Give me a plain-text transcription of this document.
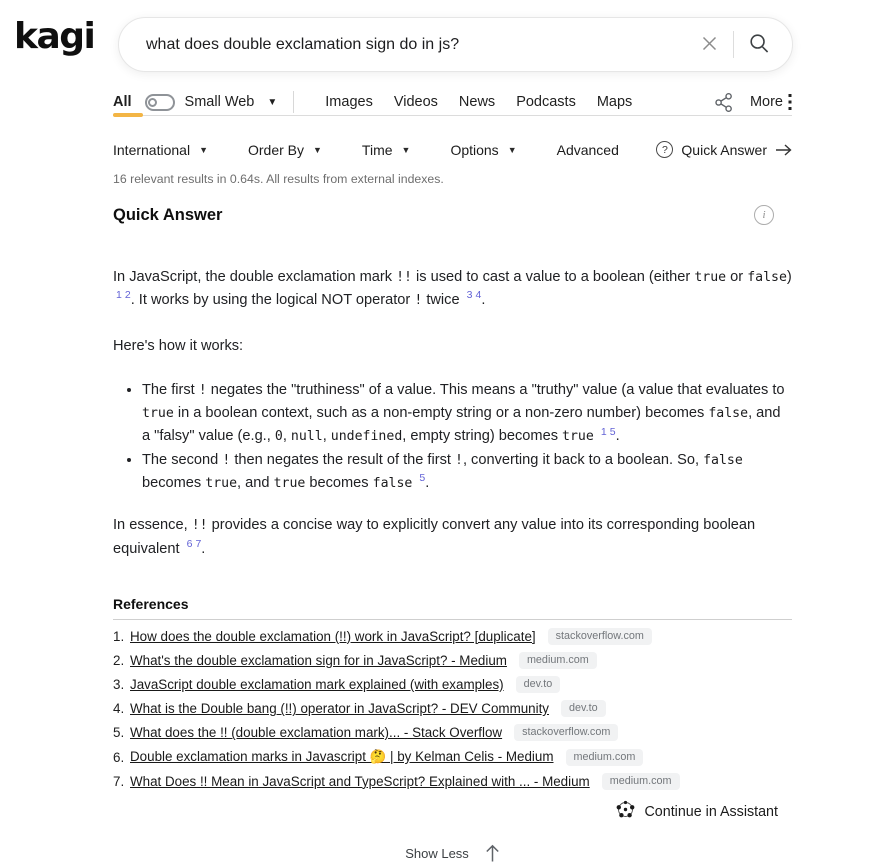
kagi
what does double exclamation sign do in js?
All	Small Web ▼	Images Videos News Podcasts Maps	More
International ▼	Order By ▼	Time ▼	Options ▼	Advanced	? Quick Answer
16 relevant results in 0.64s. All results from external indexes.
Quick Answer	i

In JavaScript, the double exclamation mark !! is used to cast a value to a boolean (either true or false) $^1$ $^2$. It works by using the logical NOT operator ! twice $^3$ $^4$.

Here's how it works:

• The first ! negates the "truthiness" of a value. This means a "truthy" value (a value that evaluates to true in a boolean context, such as a non-empty string or a non-zero number) becomes false, and a "falsy" value (e.g., 0, null, undefined, empty string) becomes true $^1$ $^5$.
• The second ! then negates the result of the first !, converting it back to a boolean. So, false becomes true, and true becomes false $^5$.

In essence, !! provides a concise way to explicitly convert any value into its corresponding boolean equivalent $^6$ $^7$.

References
1. How does the double exclamation (!!) work in JavaScript? [duplicate]	stackoverflow.com
2. What's the double exclamation sign for in JavaScript? - Medium	medium.com
3. JavaScript double exclamation mark explained (with examples)	dev.to
4. What is the Double bang (!!) operator in JavaScript? - DEV Community	dev.to
5. What does the !! (double exclamation mark)... - Stack Overflow	stackoverflow.com
6. Double exclamation marks in Javascript 🤔 | by Kelman Celis - Medium	medium.com
7. What Does !! Mean in JavaScript and TypeScript? Explained with ... - Medium	medium.com
Continue in Assistant
Show Less
